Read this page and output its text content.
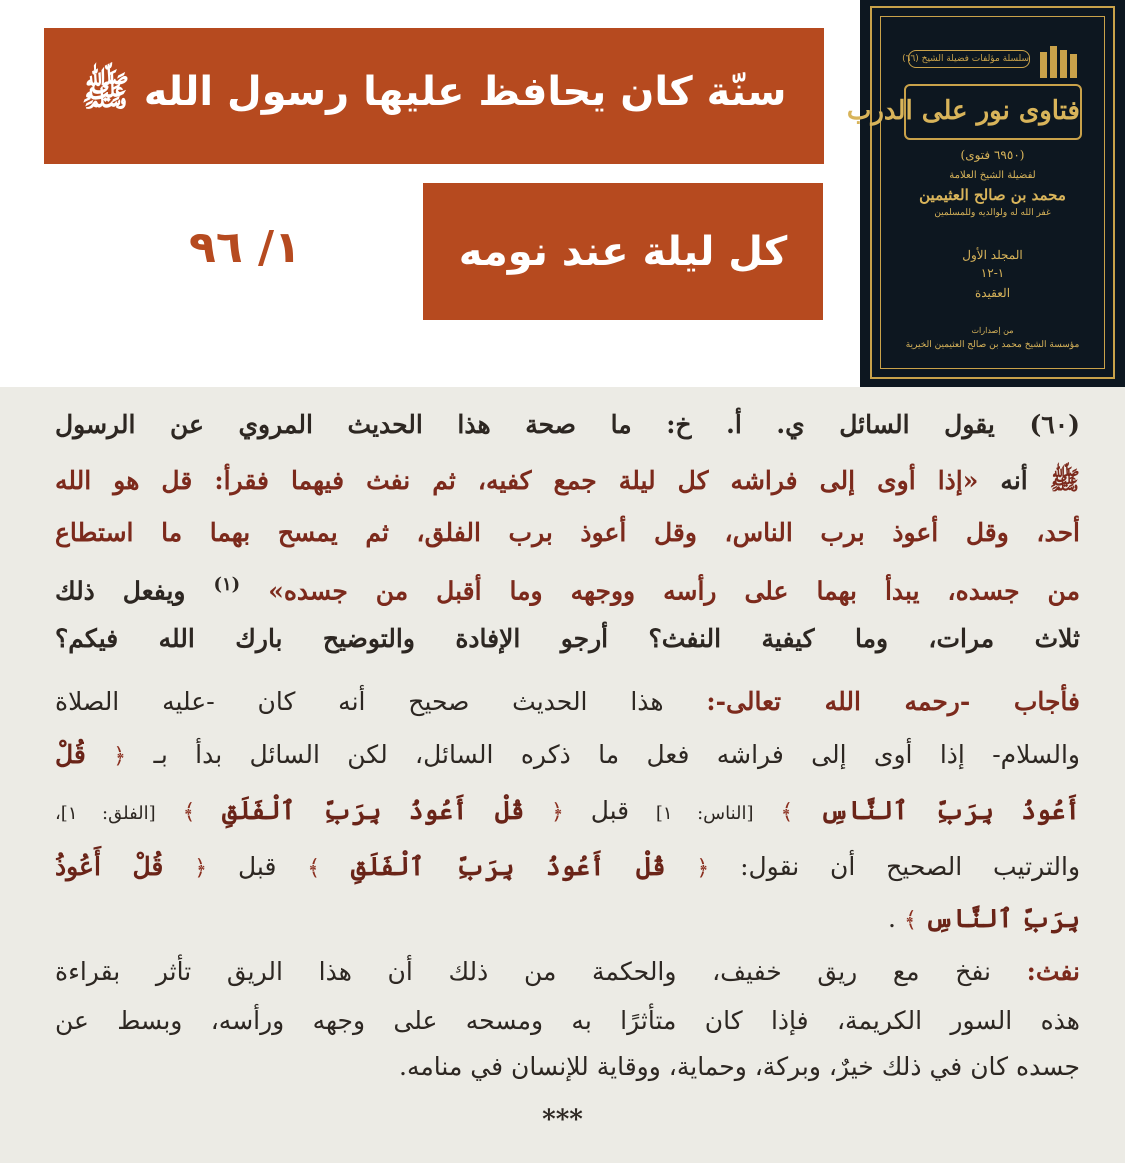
سنّة كان يحافظ عليها رسول الله ﷺ
كل ليلة عند نومه
١/ ٩٦
سلسلة مؤلفات فضيلة الشيخ (٦٦)
فتاوى نور على الدرب
(٦٩٥٠ فتوى)
لفضيلة الشيخ العلامة
محمد بن صالح العثيمين
غفر الله له ولوالديه وللمسلمين
المجلد الأول
١-١٢
العقيدة
من إصدارات
مؤسسة الشيخ محمد بن صالح العثيمين الخيرية
(٦٠) يقول السائل ي. أ. خ: ما صحة هذا الحديث المروي عن الرسول
ﷺ أنه «إذا أوى إلى فراشه كل ليلة جمع كفيه، ثم نفث فيهما فقرأ: قل هو الله
أحد، وقل أعوذ برب الناس، وقل أعوذ برب الفلق، ثم يمسح بهما ما استطاع
من جسده، يبدأ بهما على رأسه ووجهه وما أقبل من جسده» $^{(١)}$ ويفعل ذلك
ثلاث مرات، وما كيفية النفث؟ أرجو الإفادة والتوضيح بارك الله فيكم؟
فأجاب -رحمه الله تعالى-: هذا الحديث صحيح أنه كان -عليه الصلاة
والسلام- إذا أوى إلى فراشه فعل ما ذكره السائل، لكن السائل بدأ بـ ﴿ قُلْ
أَعُوذُ بِرَبِّ ٱلنَّاسِ ﴾ [الناس: ١] قبل ﴿ قُلْ أَعُوذُ بِرَبِّ ٱلْفَلَقِ ﴾ [الفلق: ١]،
والترتيب الصحيح أن نقول: ﴿ قُلْ أَعُوذُ بِرَبِّ ٱلْفَلَقِ ﴾ قبل ﴿ قُلْ أَعُوذُ
بِرَبِّ ٱلنَّاسِ ﴾ .
نفث: نفخ مع ريق خفيف، والحكمة من ذلك أن هذا الريق تأثر بقراءة
هذه السور الكريمة، فإذا كان متأثرًا به ومسحه على وجهه ورأسه، وبسط عن
جسده كان في ذلك خيرٌ، وبركة، وحماية، ووقاية للإنسان في منامه.
***
